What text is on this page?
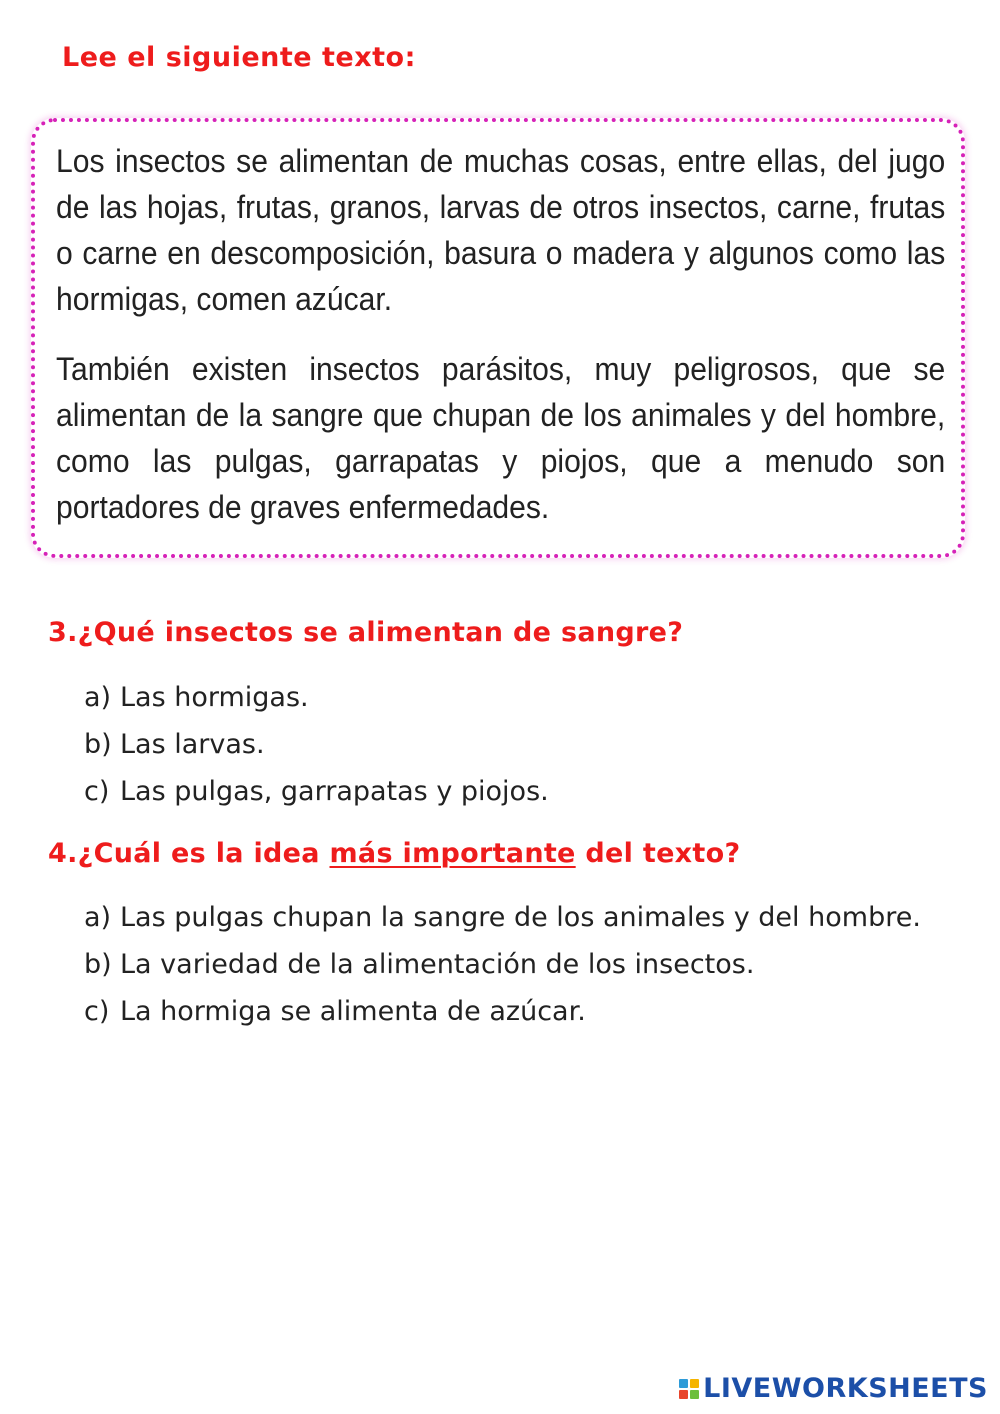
Lee el siguiente texto:

Los insectos se alimentan de muchas cosas, entre ellas, del jugo de las hojas, frutas, granos, larvas de otros insectos, carne, frutas o carne en descomposición, basura o madera y algunos como las hormigas, comen azúcar.

También existen insectos parásitos, muy peligrosos, que se alimentan de la sangre que chupan de los animales y del hombre, como las pulgas, garrapatas y piojos, que a menudo son portadores de graves enfermedades.

3.¿Qué insectos se alimentan de sangre?
a) Las hormigas.
b) Las larvas.
c) Las pulgas, garrapatas y piojos.
4.¿Cuál es la idea más importante del texto?
a) Las pulgas chupan la sangre de los animales y del hombre.
b) La variedad de la alimentación de los insectos.
c) La hormiga se alimenta de azúcar.
LIVEWORKSHEETS
